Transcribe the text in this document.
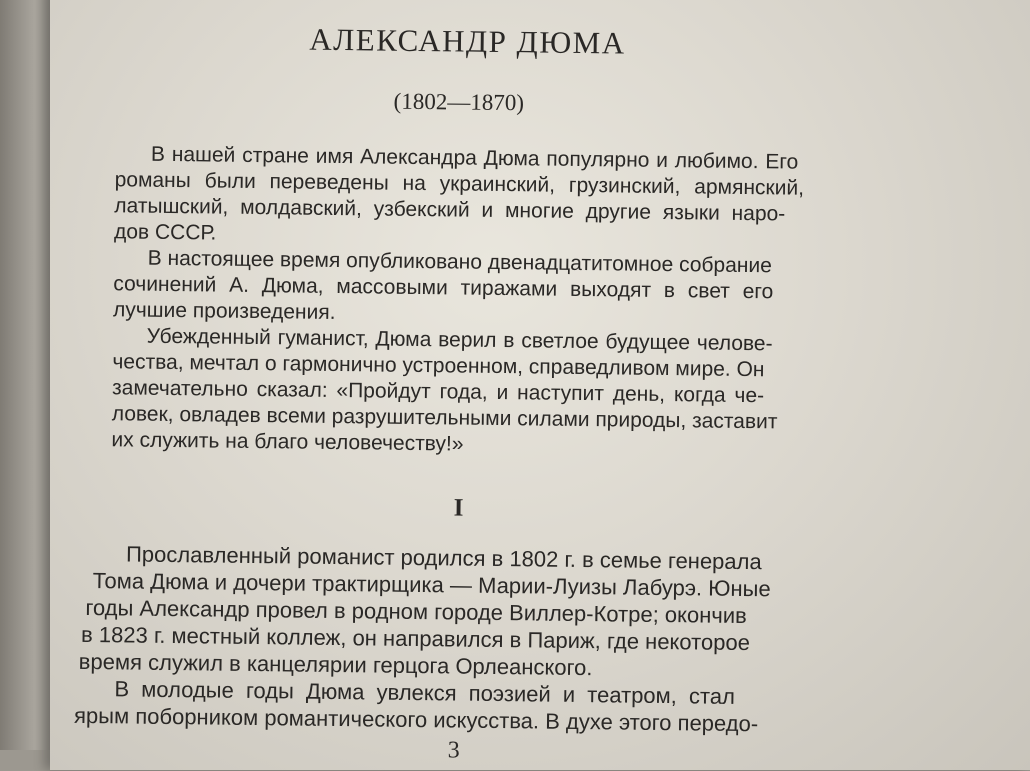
АЛЕКСАНДР ДЮМА
(1802—1870)
В нашей стране имя Александра Дюма популярно и любимо. Его
романы были переведены на украинский, грузинский, армянский,
латышский, молдавский, узбекский и многие другие языки наро-
дов СССР.
В настоящее время опубликовано двенадцатитомное собрание
сочинений А. Дюма, массовыми тиражами выходят в свет его
лучшие произведения.
Убежденный гуманист, Дюма верил в светлое будущее челове-
чества, мечтал о гармонично устроенном, справедливом мире. Он
замечательно сказал: «Пройдут года, и наступит день, когда че-
ловек, овладев всеми разрушительными силами природы, заставит
их служить на благо человечеству!»
I
Прославленный романист родился в 1802 г. в семье генерала
Тома Дюма и дочери трактирщика — Марии-Луизы Лабурэ. Юные
годы Александр провел в родном городе Виллер-Котре; окончив
в 1823 г. местный коллеж, он направился в Париж, где некоторое
время служил в канцелярии герцога Орлеанского.
В молодые годы Дюма увлекся поэзией и театром, стал
ярым поборником романтического искусства. В духе этого передо-
3
